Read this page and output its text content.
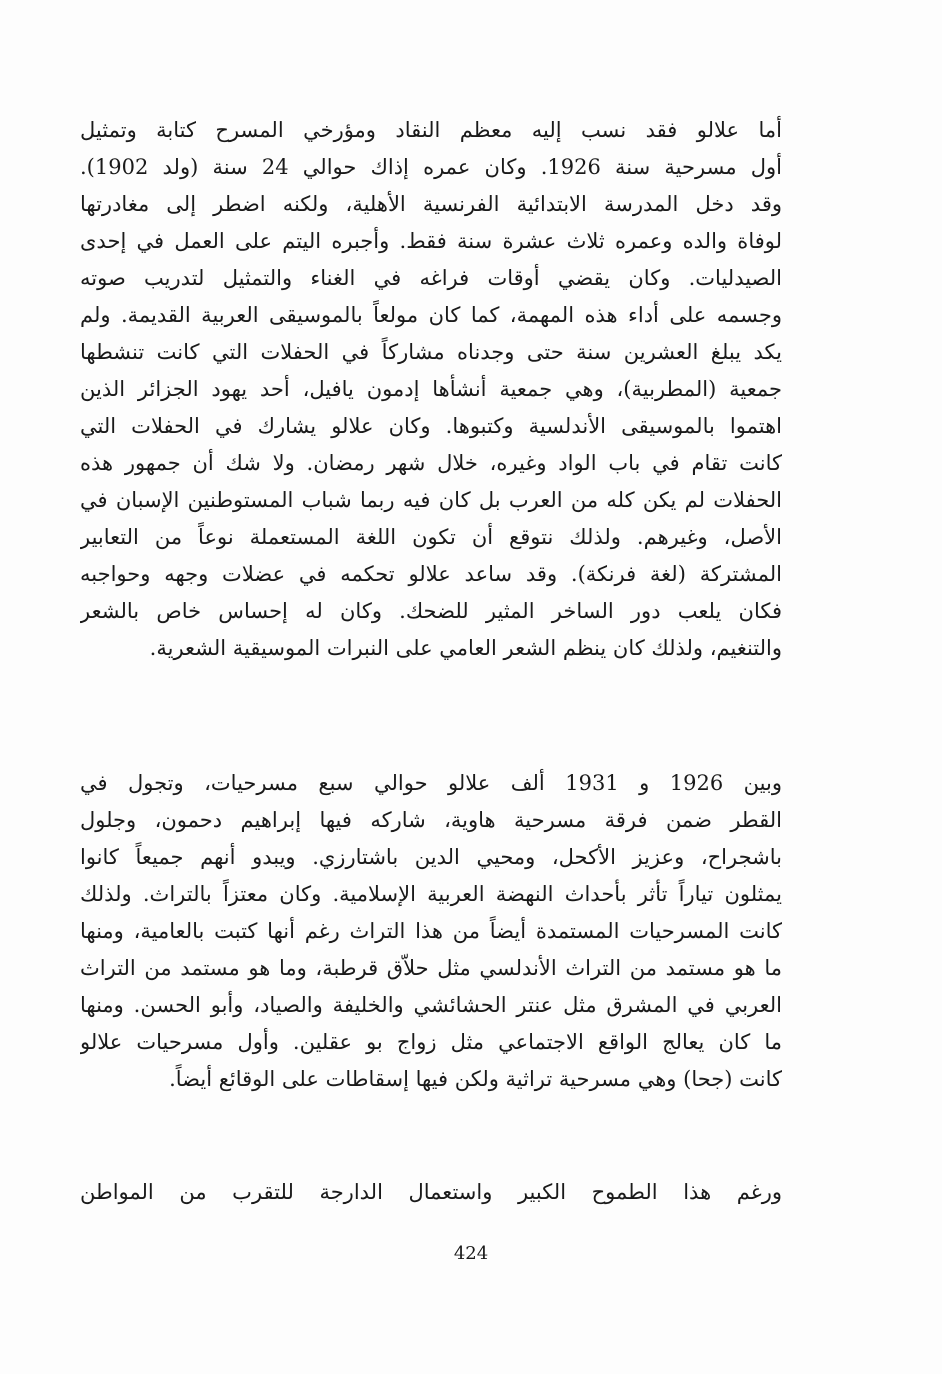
أما علالو فقد نسب إليه معظم النقاد ومؤرخي المسرح كتابة وتمثيل
أول مسرحية سنة 1926. وكان عمره إذاك حوالي 24 سنة (ولد 1902).
وقد دخل المدرسة الابتدائية الفرنسية الأهلية، ولكنه اضطر إلى مغادرتها
لوفاة والده وعمره ثلاث عشرة سنة فقط. وأجبره اليتم على العمل في إحدى
الصيدليات. وكان يقضي أوقات فراغه في الغناء والتمثيل لتدريب صوته
وجسمه على أداء هذه المهمة، كما كان مولعاً بالموسيقى العربية القديمة. ولم
يكد يبلغ العشرين سنة حتى وجدناه مشاركاً في الحفلات التي كانت تنشطها
جمعية (المطربية)، وهي جمعية أنشأها إدمون يافيل، أحد يهود الجزائر الذين
اهتموا بالموسيقى الأندلسية وكتبوها. وكان علالو يشارك في الحفلات التي
كانت تقام في باب الواد وغيره، خلال شهر رمضان. ولا شك أن جمهور هذه
الحفلات لم يكن كله من العرب بل كان فيه ربما شباب المستوطنين الإسبان في
الأصل، وغيرهم. ولذلك نتوقع أن تكون اللغة المستعملة نوعاً من التعابير
المشتركة (لغة فرنكة). وقد ساعد علالو تحكمه في عضلات وجهه وحواجبه
فكان يلعب دور الساخر المثير للضحك. وكان له إحساس خاص بالشعر
والتنغيم، ولذلك كان ينظم الشعر العامي على النبرات الموسيقية الشعرية.
وبين 1926 و 1931 ألف علالو حوالي سبع مسرحيات، وتجول في
القطر ضمن فرقة مسرحية هاوية، شاركه فيها إبراهيم دحمون، وجلول
باشجراح، وعزيز الأكحل، ومحيي الدين باشتارزي. ويبدو أنهم جميعاً كانوا
يمثلون تياراً تأثر بأحداث النهضة العربية الإسلامية. وكان معتزاً بالتراث. ولذلك
كانت المسرحيات المستمدة أيضاً من هذا التراث رغم أنها كتبت بالعامية، ومنها
ما هو مستمد من التراث الأندلسي مثل حلاّق قرطبة، وما هو مستمد من التراث
العربي في المشرق مثل عنتر الحشائشي والخليفة والصياد، وأبو الحسن. ومنها
ما كان يعالج الواقع الاجتماعي مثل زواج بو عقلين. وأول مسرحيات علالو
كانت (جحا) وهي مسرحية تراثية ولكن فيها إسقاطات على الوقائع أيضاً.
ورغم هذا الطموح الكبير واستعمال الدارجة للتقرب من المواطن
424
